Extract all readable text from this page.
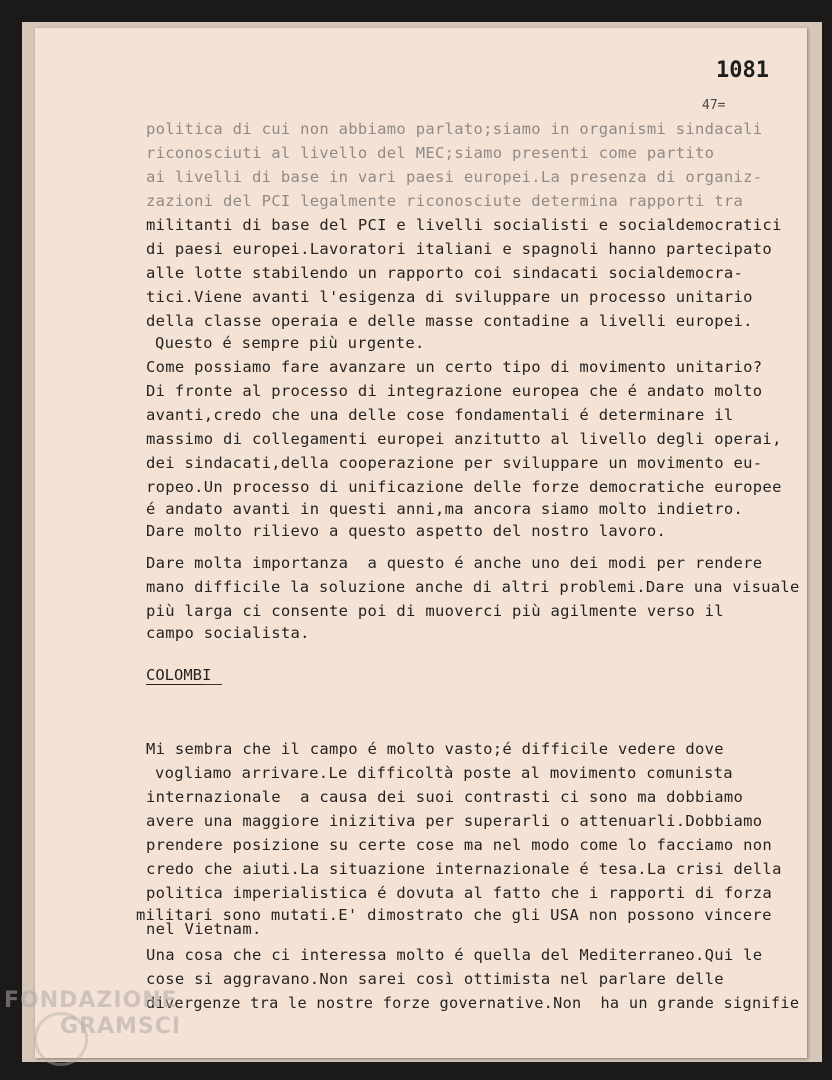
1081
47=

politica di cui non abbiamo parlato;siamo in organismi sindacali

riconosciuti al livello del MEC;siamo presenti come partito

ai livelli di base in vari paesi europei.La presenza di organiz-

zazioni del PCI legalmente riconosciute determina rapporti tra

militanti di base del PCI e livelli socialisti e socialdemocratici

di paesi europei.Lavoratori italiani e spagnoli hanno partecipato

alle lotte stabilendo un rapporto coi sindacati socialdemocra-

tici.Viene avanti l'esigenza di sviluppare un processo unitario

della classe operaia e delle masse contadine a livelli europei.

Questo é sempre più urgente.

Come possiamo fare avanzare un certo tipo di movimento unitario?

Di fronte al processo di integrazione europea che é andato molto

avanti,credo che una delle cose fondamentali é determinare il

massimo di collegamenti europei anzitutto al livello degli operai,

dei sindacati,della cooperazione per sviluppare un movimento eu-

ropeo.Un processo di unificazione delle forze democratiche europee

é andato avanti in questi anni,ma ancora siamo molto indietro.

Dare molto rilievo a questo aspetto del nostro lavoro.

Dare molta importanza  a questo é anche uno dei modi per rendere

mano difficile la soluzione anche di altri problemi.Dare una visuale

più larga ci consente poi di muoverci più agilmente verso il

campo socialista.

COLOMBI

Mi sembra che il campo é molto vasto;é difficile vedere dove

vogliamo arrivare.Le difficoltà poste al movimento comunista

internazionale  a causa dei suoi contrasti ci sono ma dobbiamo

avere una maggiore inizitiva per superarli o attenuarli.Dobbiamo

prendere posizione su certe cose ma nel modo come lo facciamo non

credo che aiuti.La situazione internazionale é tesa.La crisi della

politica imperialistica é dovuta al fatto che i rapporti di forza

militari sono mutati.E' dimostrato che gli USA non possono vincere

nel Vietnam.

Una cosa che ci interessa molto é quella del Mediterraneo.Qui le

cose si aggravano.Non sarei così ottimista nel parlare delle

divergenze tra le nostre forze governative.Non  ha un grande signifie

FONDAZIONE
GRAMSCI
